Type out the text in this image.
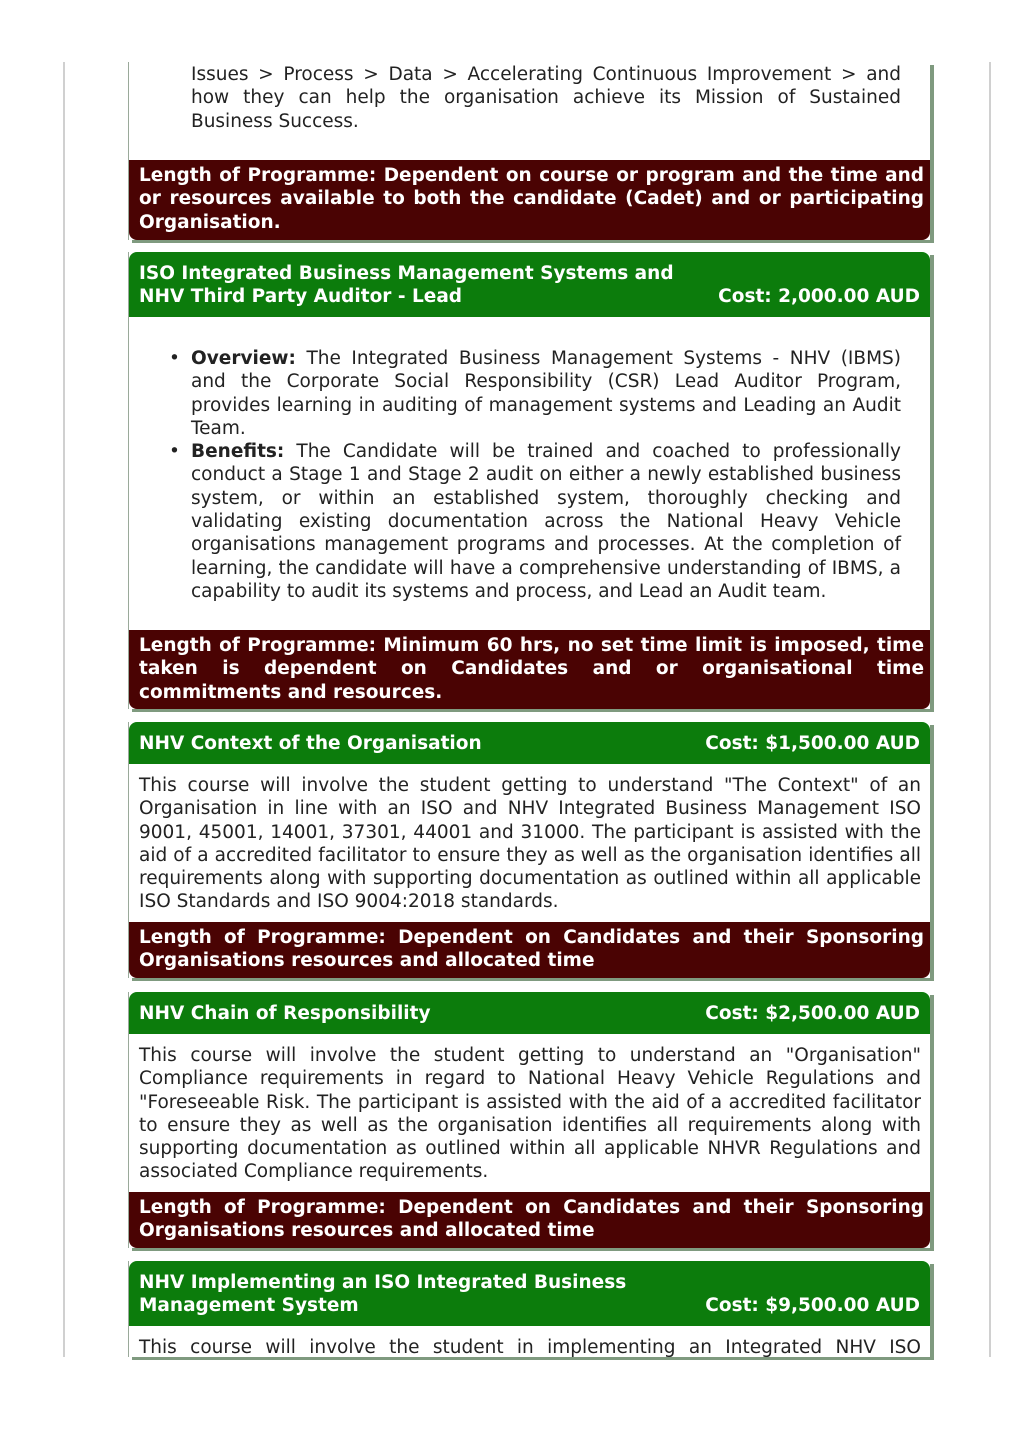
Issues > Process > Data > Accelerating Continuous Improvement > and how they can help the organisation achieve its Mission of Sustained Business Success.
Length of Programme: Dependent on course or program and the time and or resources available to both the candidate (Cadet) and or participating Organisation.
ISO Integrated Business Management Systems and NHV Third Party Auditor - Lead	Cost: 2,000.00 AUD
• Overview: The Integrated Business Management Systems - NHV (IBMS) and the Corporate Social Responsibility (CSR) Lead Auditor Program, provides learning in auditing of management systems and Leading an Audit Team.
• Benefits: The Candidate will be trained and coached to professionally conduct a Stage 1 and Stage 2 audit on either a newly established business system, or within an established system, thoroughly checking and validating existing documentation across the National Heavy Vehicle organisations management programs and processes. At the completion of learning, the candidate will have a comprehensive understanding of IBMS, a capability to audit its systems and process, and Lead an Audit team.
Length of Programme: Minimum 60 hrs, no set time limit is imposed, time taken is dependent on Candidates and or organisational time commitments and resources.
NHV Context of the Organisation	Cost: $1,500.00 AUD
This course will involve the student getting to understand "The Context" of an Organisation in line with an ISO and NHV Integrated Business Management ISO 9001, 45001, 14001, 37301, 44001 and 31000. The participant is assisted with the aid of a accredited facilitator to ensure they as well as the organisation identifies all requirements along with supporting documentation as outlined within all applicable ISO Standards and ISO 9004:2018 standards.
Length of Programme: Dependent on Candidates and their Sponsoring Organisations resources and allocated time
NHV Chain of Responsibility	Cost: $2,500.00 AUD
This course will involve the student getting to understand an "Organisation" Compliance requirements in regard to National Heavy Vehicle Regulations and "Foreseeable Risk. The participant is assisted with the aid of a accredited facilitator to ensure they as well as the organisation identifies all requirements along with supporting documentation as outlined within all applicable NHVR Regulations and associated Compliance requirements.
Length of Programme: Dependent on Candidates and their Sponsoring Organisations resources and allocated time
NHV Implementing an ISO Integrated Business Management System	Cost: $9,500.00 AUD
This course will involve the student in implementing an Integrated NHV ISO
